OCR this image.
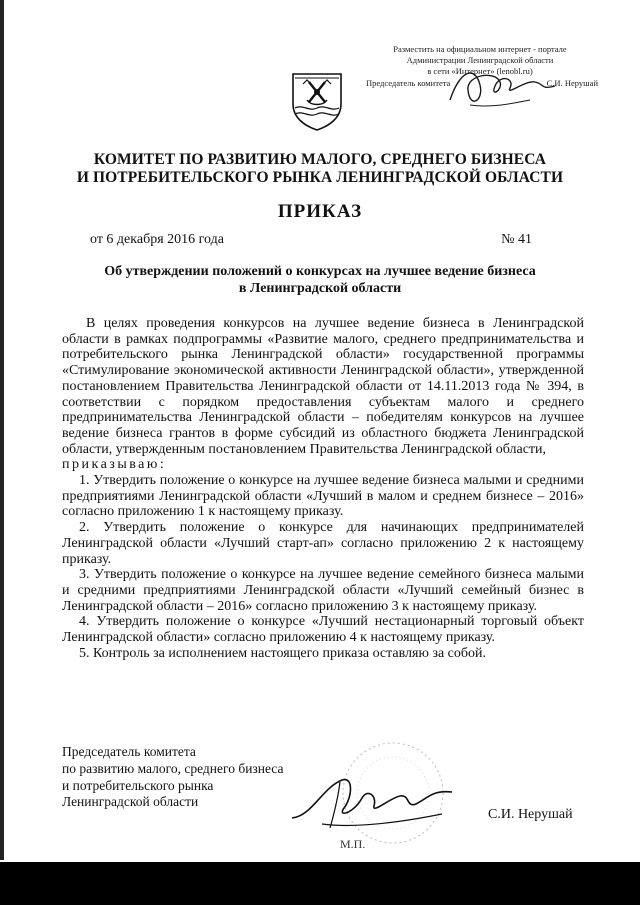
Разместить на официальном интернет - портале
Администрации Ленинградской области
в сети «Интернет» (lenobl.ru)
Председатель комитета	С.И. Нерушай
КОМИТЕТ ПО РАЗВИТИЮ МАЛОГО, СРЕДНЕГО БИЗНЕСА
И ПОТРЕБИТЕЛЬСКОГО РЫНКА ЛЕНИНГРАДСКОЙ ОБЛАСТИ
ПРИКАЗ
от 6 декабря 2016 года	№ 41
Об утверждении положений о конкурсах на лучшее ведение бизнеса
в Ленинградской области

В целях проведения конкурсов на лучшее ведение бизнеса в Ленинградской области в рамках подпрограммы «Развитие малого, среднего предпринимательства и потребительского рынка Ленинградской области» государственной программы «Стимулирование экономической активности Ленинградской области», утвержденной постановлением Правительства Ленинградской области от 14.11.2013 года № 394, в соответствии с порядком предоставления субъектам малого и среднего предпринимательства Ленинградской области – победителям конкурсов на лучшее ведение бизнеса грантов в форме субсидий из областного бюджета Ленинградской области, утвержденным постановлением Правительства Ленинградской области,

приказываю:
1. Утвердить положение о конкурсе на лучшее ведение бизнеса малыми и средними предприятиями Ленинградской области «Лучший в малом и среднем бизнесе – 2016» согласно приложению 1 к настоящему приказу.
2. Утвердить положение о конкурсе для начинающих предпринимателей Ленинградской области «Лучший старт-ап» согласно приложению 2 к настоящему приказу.
3. Утвердить положение о конкурсе на лучшее ведение семейного бизнеса малыми и средними предприятиями Ленинградской области «Лучший семейный бизнес в Ленинградской области – 2016» согласно приложению 3 к настоящему приказу.
4. Утвердить положение о конкурсе «Лучший нестационарный торговый объект Ленинградской области» согласно приложению 4 к настоящему приказу.
5. Контроль за исполнением настоящего приказа оставляю за собой.
Председатель комитета
по развитию малого, среднего бизнеса
и потребительского рынка
Ленинградской области
С.И. Нерушай
М.П.
